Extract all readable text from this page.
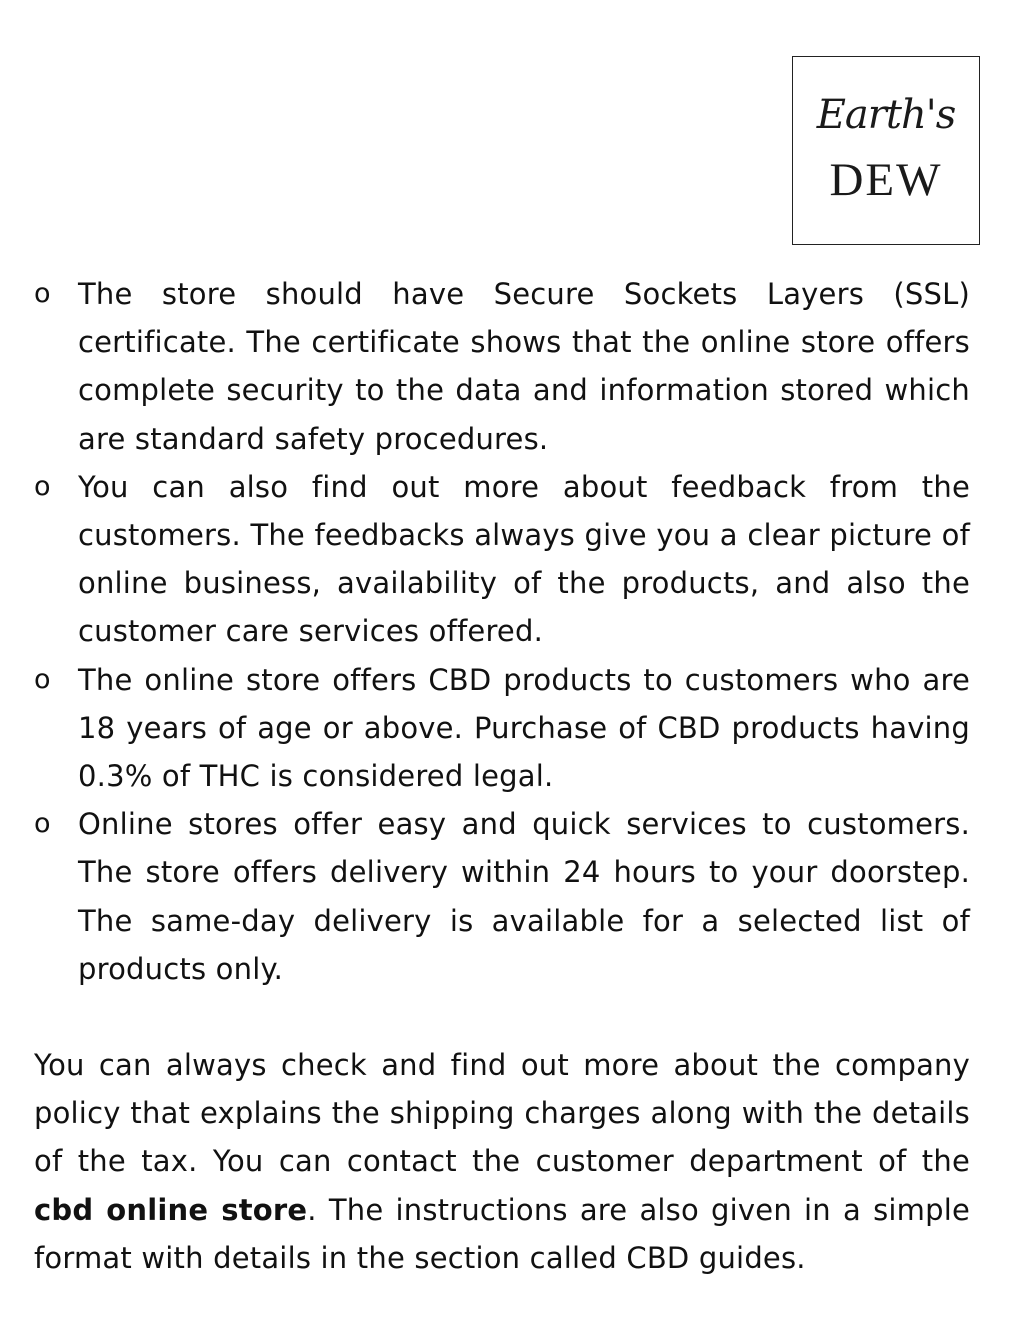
Earth's
DEW
o The store should have Secure Sockets Layers (SSL) certificate. The certificate shows that the online store offers complete security to the data and information stored which are standard safety procedures.
o You can also find out more about feedback from the customers. The feedbacks always give you a clear picture of online business, availability of the products, and also the customer care services offered.
o The online store offers CBD products to customers who are 18 years of age or above. Purchase of CBD products having 0.3% of THC is considered legal.
o Online stores offer easy and quick services to customers. The store offers delivery within 24 hours to your doorstep. The same-day delivery is available for a selected list of products only.

You can always check and find out more about the company policy that explains the shipping charges along with the details of the tax. You can contact the customer department of the cbd online store. The instructions are also given in a simple format with details in the section called CBD guides.
